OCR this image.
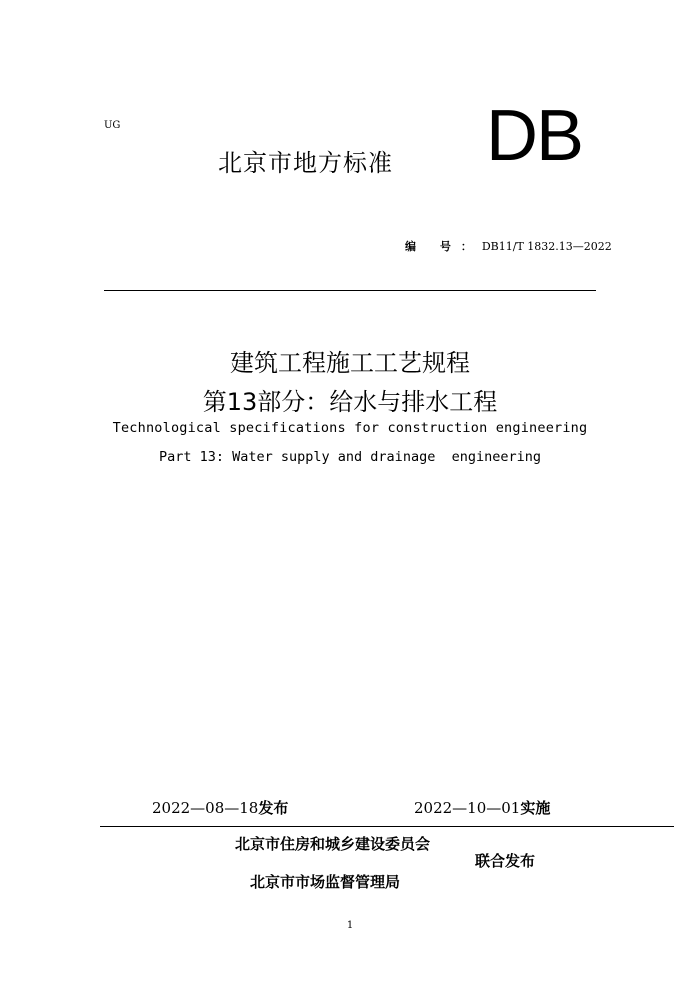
UG
北京市地方标准 DB
编 号：DB11/T 1832.13—2022
建筑工程施工工艺规程
第13部分：给水与排水工程
Technological specifications for construction engineering
Part 13: Water supply and drainage  engineering
2022—08—18发布	2022—10—01实施
北京市住房和城乡建设委员会
北京市市场监督管理局
联合发布
1
